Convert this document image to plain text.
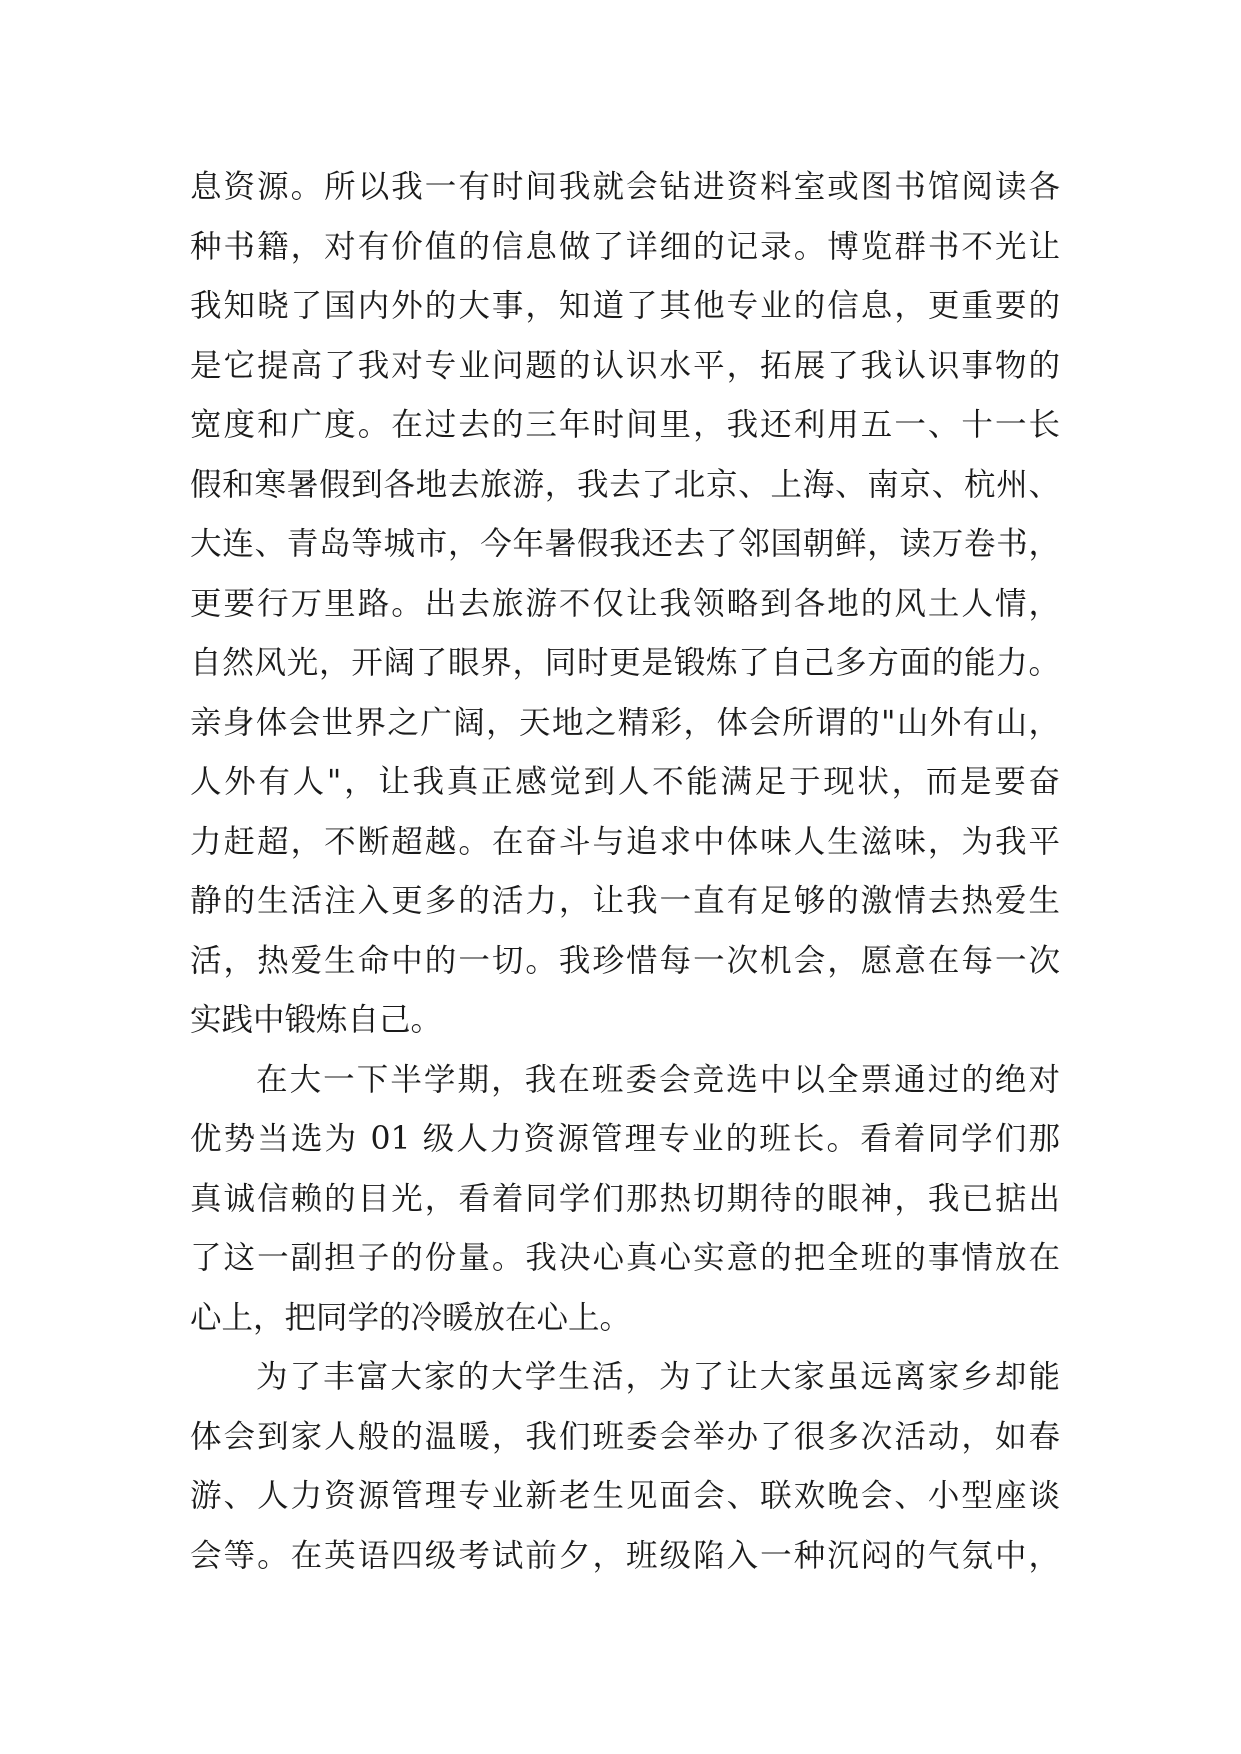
息资源。所以我一有时间我就会钻进资料室或图书馆阅读各
种书籍，对有价值的信息做了详细的记录。博览群书不光让
我知晓了国内外的大事，知道了其他专业的信息，更重要的
是它提高了我对专业问题的认识水平，拓展了我认识事物的
宽度和广度。在过去的三年时间里，我还利用五一、十一长
假和寒暑假到各地去旅游，我去了北京、上海、南京、杭州、
大连、青岛等城市，今年暑假我还去了邻国朝鲜，读万卷书，
更要行万里路。出去旅游不仅让我领略到各地的风土人情，
自然风光，开阔了眼界，同时更是锻炼了自己多方面的能力。
亲身体会世界之广阔，天地之精彩，体会所谓的"山外有山，
人外有人"，让我真正感觉到人不能满足于现状，而是要奋
力赶超，不断超越。在奋斗与追求中体味人生滋味，为我平
静的生活注入更多的活力，让我一直有足够的激情去热爱生
活，热爱生命中的一切。我珍惜每一次机会，愿意在每一次
实践中锻炼自己。
在大一下半学期，我在班委会竞选中以全票通过的绝对
优势当选为 01 级人力资源管理专业的班长。看着同学们那
真诚信赖的目光，看着同学们那热切期待的眼神，我已掂出
了这一副担子的份量。我决心真心实意的把全班的事情放在
心上，把同学的冷暖放在心上。
为了丰富大家的大学生活，为了让大家虽远离家乡却能
体会到家人般的温暖，我们班委会举办了很多次活动，如春
游、人力资源管理专业新老生见面会、联欢晚会、小型座谈
会等。在英语四级考试前夕，班级陷入一种沉闷的气氛中，
